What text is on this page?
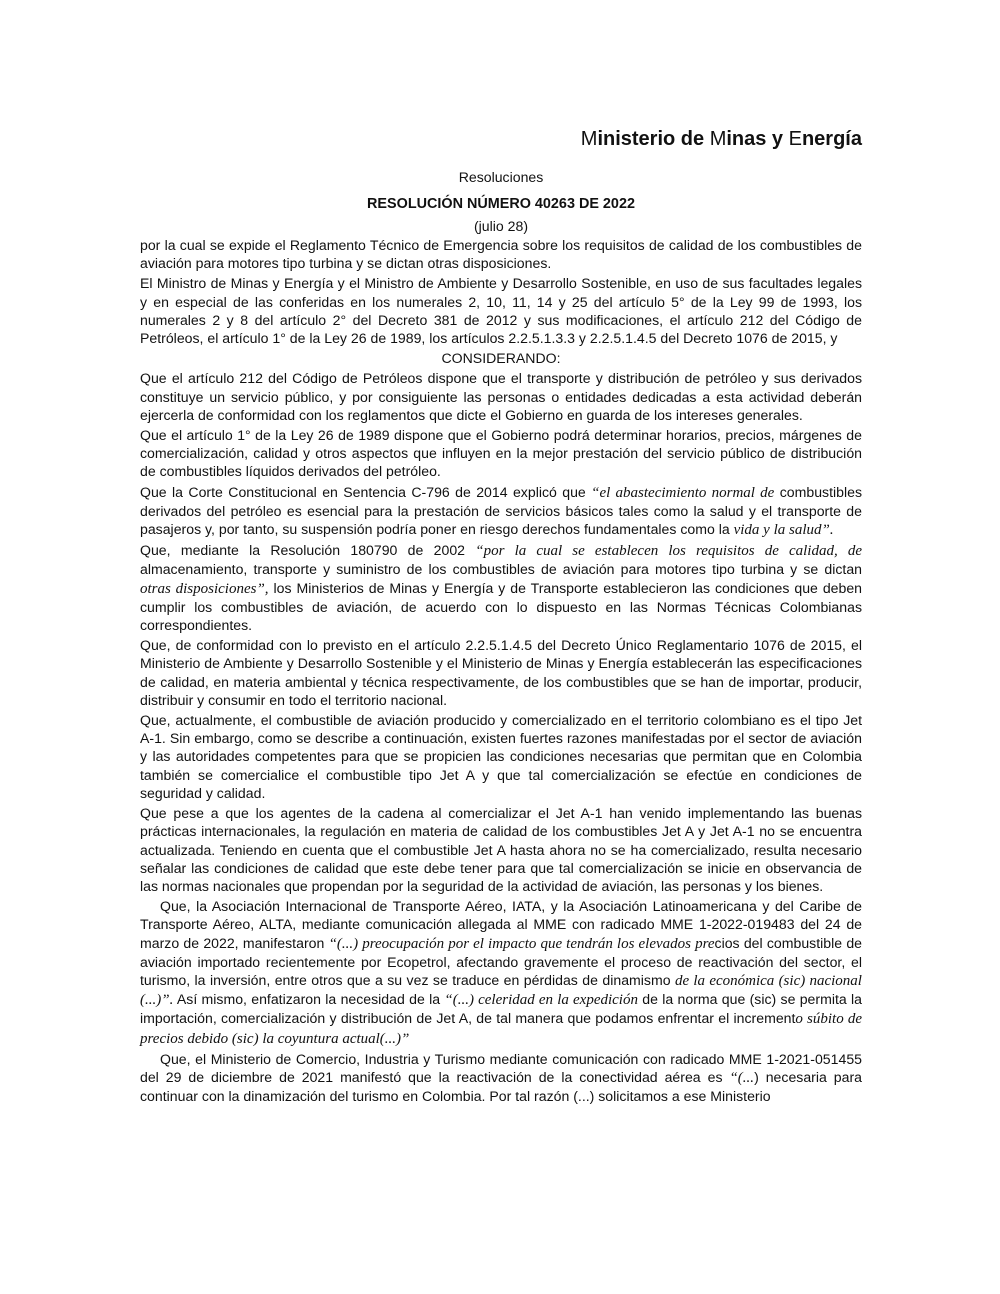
Ministerio de Minas y Energía
Resoluciones
RESOLUCIÓN NÚMERO 40263 DE 2022
(julio 28)

por la cual se expide el Reglamento Técnico de Emergencia sobre los requisitos de calidad de los combustibles de aviación para motores tipo turbina y se dictan otras disposiciones.

El Ministro de Minas y Energía y el Ministro de Ambiente y Desarrollo Sostenible, en uso de sus facultades legales y en especial de las conferidas en los numerales 2, 10, 11, 14 y 25 del artículo 5° de la Ley 99 de 1993, los numerales 2 y 8 del artículo 2° del Decreto 381 de 2012 y sus modificaciones, el artículo 212 del Código de Petróleos, el artículo 1° de la Ley 26 de 1989, los artículos 2.2.5.1.3.3 y 2.2.5.1.4.5 del Decreto 1076 de 2015, y

CONSIDERANDO:

Que el artículo 212 del Código de Petróleos dispone que el transporte y distribución de petróleo y sus derivados constituye un servicio público, y por consiguiente las personas o entidades dedicadas a esta actividad deberán ejercerla de conformidad con los reglamentos que dicte el Gobierno en guarda de los intereses generales.

Que el artículo 1° de la Ley 26 de 1989 dispone que el Gobierno podrá determinar horarios, precios, márgenes de comercialización, calidad y otros aspectos que influyen en la mejor prestación del servicio público de distribución de combustibles líquidos derivados del petróleo.

Que la Corte Constitucional en Sentencia C-796 de 2014 explicó que “el abastecimiento normal de combustibles derivados del petróleo es esencial para la prestación de servicios básicos tales como la salud y el transporte de pasajeros y, por tanto, su suspensión podría poner en riesgo derechos fundamentales como la vida y la salud”.

Que, mediante la Resolución 180790 de 2002 “por la cual se establecen los requisitos de calidad, de almacenamiento, transporte y suministro de los combustibles de aviación para motores tipo turbina y se dictan otras disposiciones”, los Ministerios de Minas y Energía y de Transporte establecieron las condiciones que deben cumplir los combustibles de aviación, de acuerdo con lo dispuesto en las Normas Técnicas Colombianas correspondientes.

Que, de conformidad con lo previsto en el artículo 2.2.5.1.4.5 del Decreto Único Reglamentario 1076 de 2015, el Ministerio de Ambiente y Desarrollo Sostenible y el Ministerio de Minas y Energía establecerán las especificaciones de calidad, en materia ambiental y técnica respectivamente, de los combustibles que se han de importar, producir, distribuir y consumir en todo el territorio nacional.

Que, actualmente, el combustible de aviación producido y comercializado en el territorio colombiano es el tipo Jet A-1. Sin embargo, como se describe a continuación, existen fuertes razones manifestadas por el sector de aviación y las autoridades competentes para que se propicien las condiciones necesarias que permitan que en Colombia también se comercialice el combustible tipo Jet A y que tal comercialización se efectúe en condiciones de seguridad y calidad.

Que pese a que los agentes de la cadena al comercializar el Jet A-1 han venido implementando las buenas prácticas internacionales, la regulación en materia de calidad de los combustibles Jet A y Jet A-1 no se encuentra actualizada. Teniendo en cuenta que el combustible Jet A hasta ahora no se ha comercializado, resulta necesario señalar las condiciones de calidad que este debe tener para que tal comercialización se inicie en observancia de las normas nacionales que propendan por la seguridad de la actividad de aviación, las personas y los bienes.

Que, la Asociación Internacional de Transporte Aéreo, IATA, y la Asociación Latinoamericana y del Caribe de Transporte Aéreo, ALTA, mediante comunicación allegada al MME con radicado MME 1-2022-019483 del 24 de marzo de 2022, manifestaron “(...) preocupación por el impacto que tendrán los elevados precios del combustible de aviación importado recientemente por Ecopetrol, afectando gravemente el proceso de reactivación del sector, el turismo, la inversión, entre otros que a su vez se traduce en pérdidas de dinamismo de la económica (sic) nacional (...)”. Así mismo, enfatizaron la necesidad de la “(...) celeridad en la expedición de la norma que (sic) se permita la importación, comercialización y distribución de Jet A, de tal manera que podamos enfrentar el incremento súbito de precios debido (sic) la coyuntura actual(...)”

Que, el Ministerio de Comercio, Industria y Turismo mediante comunicación con radicado MME 1-2021-051455 del 29 de diciembre de 2021 manifestó que la reactivación de la conectividad aérea es “(...) necesaria para continuar con la dinamización del turismo en Colombia. Por tal razón (...) solicitamos a ese Ministerio
